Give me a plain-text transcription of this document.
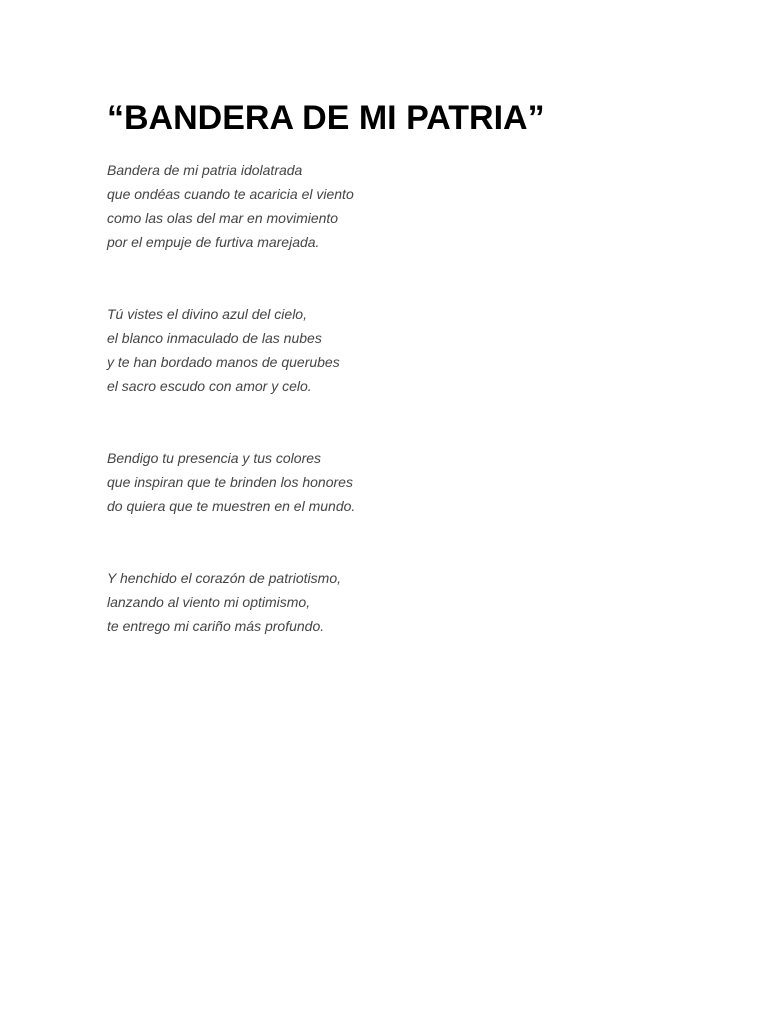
“BANDERA DE MI PATRIA”

Bandera de mi patria idolatrada
que ondéas cuando te acaricia el viento
como las olas del mar en movimiento
por el empuje de furtiva marejada.

Tú vistes el divino azul del cielo,
el blanco inmaculado de las nubes
y te han bordado manos de querubes
el sacro escudo con amor y celo.

Bendigo tu presencia y tus colores
que inspiran que te brinden los honores
do quiera que te muestren en el mundo.

Y henchido el corazón de patriotismo,
lanzando al viento mi optimismo,
te entrego mi cariño más profundo.
